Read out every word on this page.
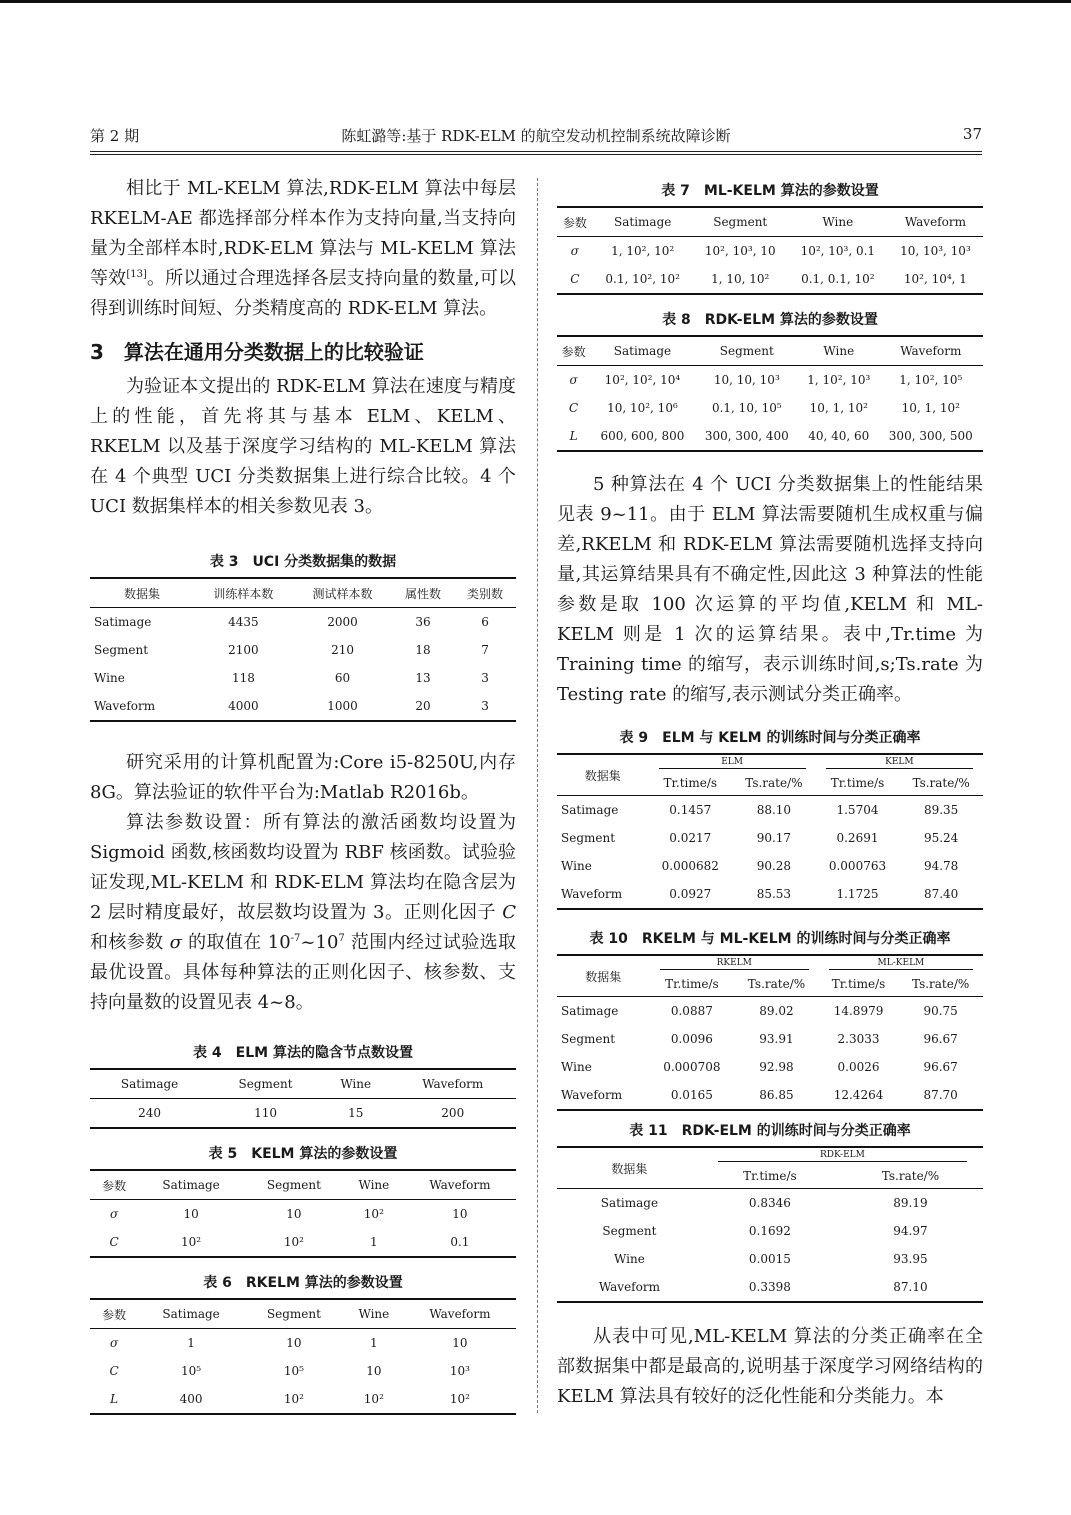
第 2 期	陈虹潞等:基于 RDK-ELM 的航空发动机控制系统故障诊断	37

相比于 ML-KELM 算法,RDK-ELM 算法中每层 RKELM-AE 都选择部分样本作为支持向量,当支持向量为全部样本时,RDK-ELM 算法与 ML-KELM 算法等效[13]。所以通过合理选择各层支持向量的数量,可以得到训练时间短、分类精度高的 RDK-ELM 算法。

3　算法在通用分类数据上的比较验证

为验证本文提出的 RDK-ELM 算法在速度与精度上的性能，首先将其与基本 ELM、KELM、RKELM 以及基于深度学习结构的 ML-KELM 算法在 4 个典型 UCI 分类数据集上进行综合比较。4 个 UCI 数据集样本的相关参数见表 3。

表 3　UCI 分类数据集的数据

数据集	训练样本数	测试样本数	属性数	类别数
Satimage	4435	2000	36	6
Segment	2100	210	18	7
Wine	118	60	13	3
Waveform	4000	1000	20	3

研究采用的计算机配置为:Core i5-8250U,内存 8G。算法验证的软件平台为:Matlab R2016b。

算法参数设置：所有算法的激活函数均设置为 Sigmoid 函数,核函数均设置为 RBF 核函数。试验验证发现,ML-KELM 和 RDK-ELM 算法均在隐含层为 2 层时精度最好，故层数均设置为 3。正则化因子 C 和核参数 σ 的取值在 $10^{-7}\sim 10^7$ 范围内经过试验选取最优设置。具体每种算法的正则化因子、核参数、支持向量数的设置见表 4~8。

表 4　ELM 算法的隐含节点数设置

Satimage	Segment	Wine	Waveform
240	110	15	200

表 5　KELM 算法的参数设置

参数	Satimage	Segment	Wine	Waveform
σ	10	10	10²	10
C	10²	10²	1	0.1

表 6　RKELM 算法的参数设置

参数	Satimage	Segment	Wine	Waveform
σ	1	10	1	10
C	10⁵	10⁵	10	10³
L	400	10²	10²	10²

表 7　ML-KELM 算法的参数设置

参数	Satimage	Segment	Wine	Waveform
σ	1, 10², 10²	10², 10³, 10	10², 10³, 0.1	10, 10³, 10³
C	0.1, 10², 10²	1, 10, 10²	0.1, 0.1, 10²	10², 10⁴, 1

表 8　RDK-ELM 算法的参数设置

参数	Satimage	Segment	Wine	Waveform
σ	10², 10², 10⁴	10, 10, 10³	1, 10², 10³	1, 10², 10⁵
C	10, 10², 10⁶	0.1, 10, 10⁵	10, 1, 10²	10, 1, 10²
L	600, 600, 800	300, 300, 400	40, 40, 60	300, 300, 500

5 种算法在 4 个 UCI 分类数据集上的性能结果见表 9~11。由于 ELM 算法需要随机生成权重与偏差,RKELM 和 RDK-ELM 算法需要随机选择支持向量,其运算结果具有不确定性,因此这 3 种算法的性能参数是取 100 次运算的平均值,KELM 和 ML-KELM 则是 1 次的运算结果。表中,Tr.time 为 Training time 的缩写，表示训练时间,s;Ts.rate 为 Testing rate 的缩写,表示测试分类正确率。

表 9　ELM 与 KELM 的训练时间与分类正确率

数据集	ELM		KELM	
	Tr.time/s	Ts.rate/%	Tr.time/s	Ts.rate/%
Satimage	0.1457	88.10	1.5704	89.35
Segment	0.0217	90.17	0.2691	95.24
Wine	0.000682	90.28	0.000763	94.78
Waveform	0.0927	85.53	1.1725	87.40

表 10　RKELM 与 ML-KELM 的训练时间与分类正确率

数据集	RKELM		ML-KELM	
	Tr.time/s	Ts.rate/%	Tr.time/s	Ts.rate/%
Satimage	0.0887	89.02	14.8979	90.75
Segment	0.0096	93.91	2.3033	96.67
Wine	0.000708	92.98	0.0026	96.67
Waveform	0.0165	86.85	12.4264	87.70

表 11　RDK-ELM 的训练时间与分类正确率

数据集	RDK-ELM	
	Tr.time/s	Ts.rate/%
Satimage	0.8346	89.19
Segment	0.1692	94.97
Wine	0.0015	93.95
Waveform	0.3398	87.10

从表中可见,ML-KELM 算法的分类正确率在全部数据集中都是最高的,说明基于深度学习网络结构的 KELM 算法具有较好的泛化性能和分类能力。本
